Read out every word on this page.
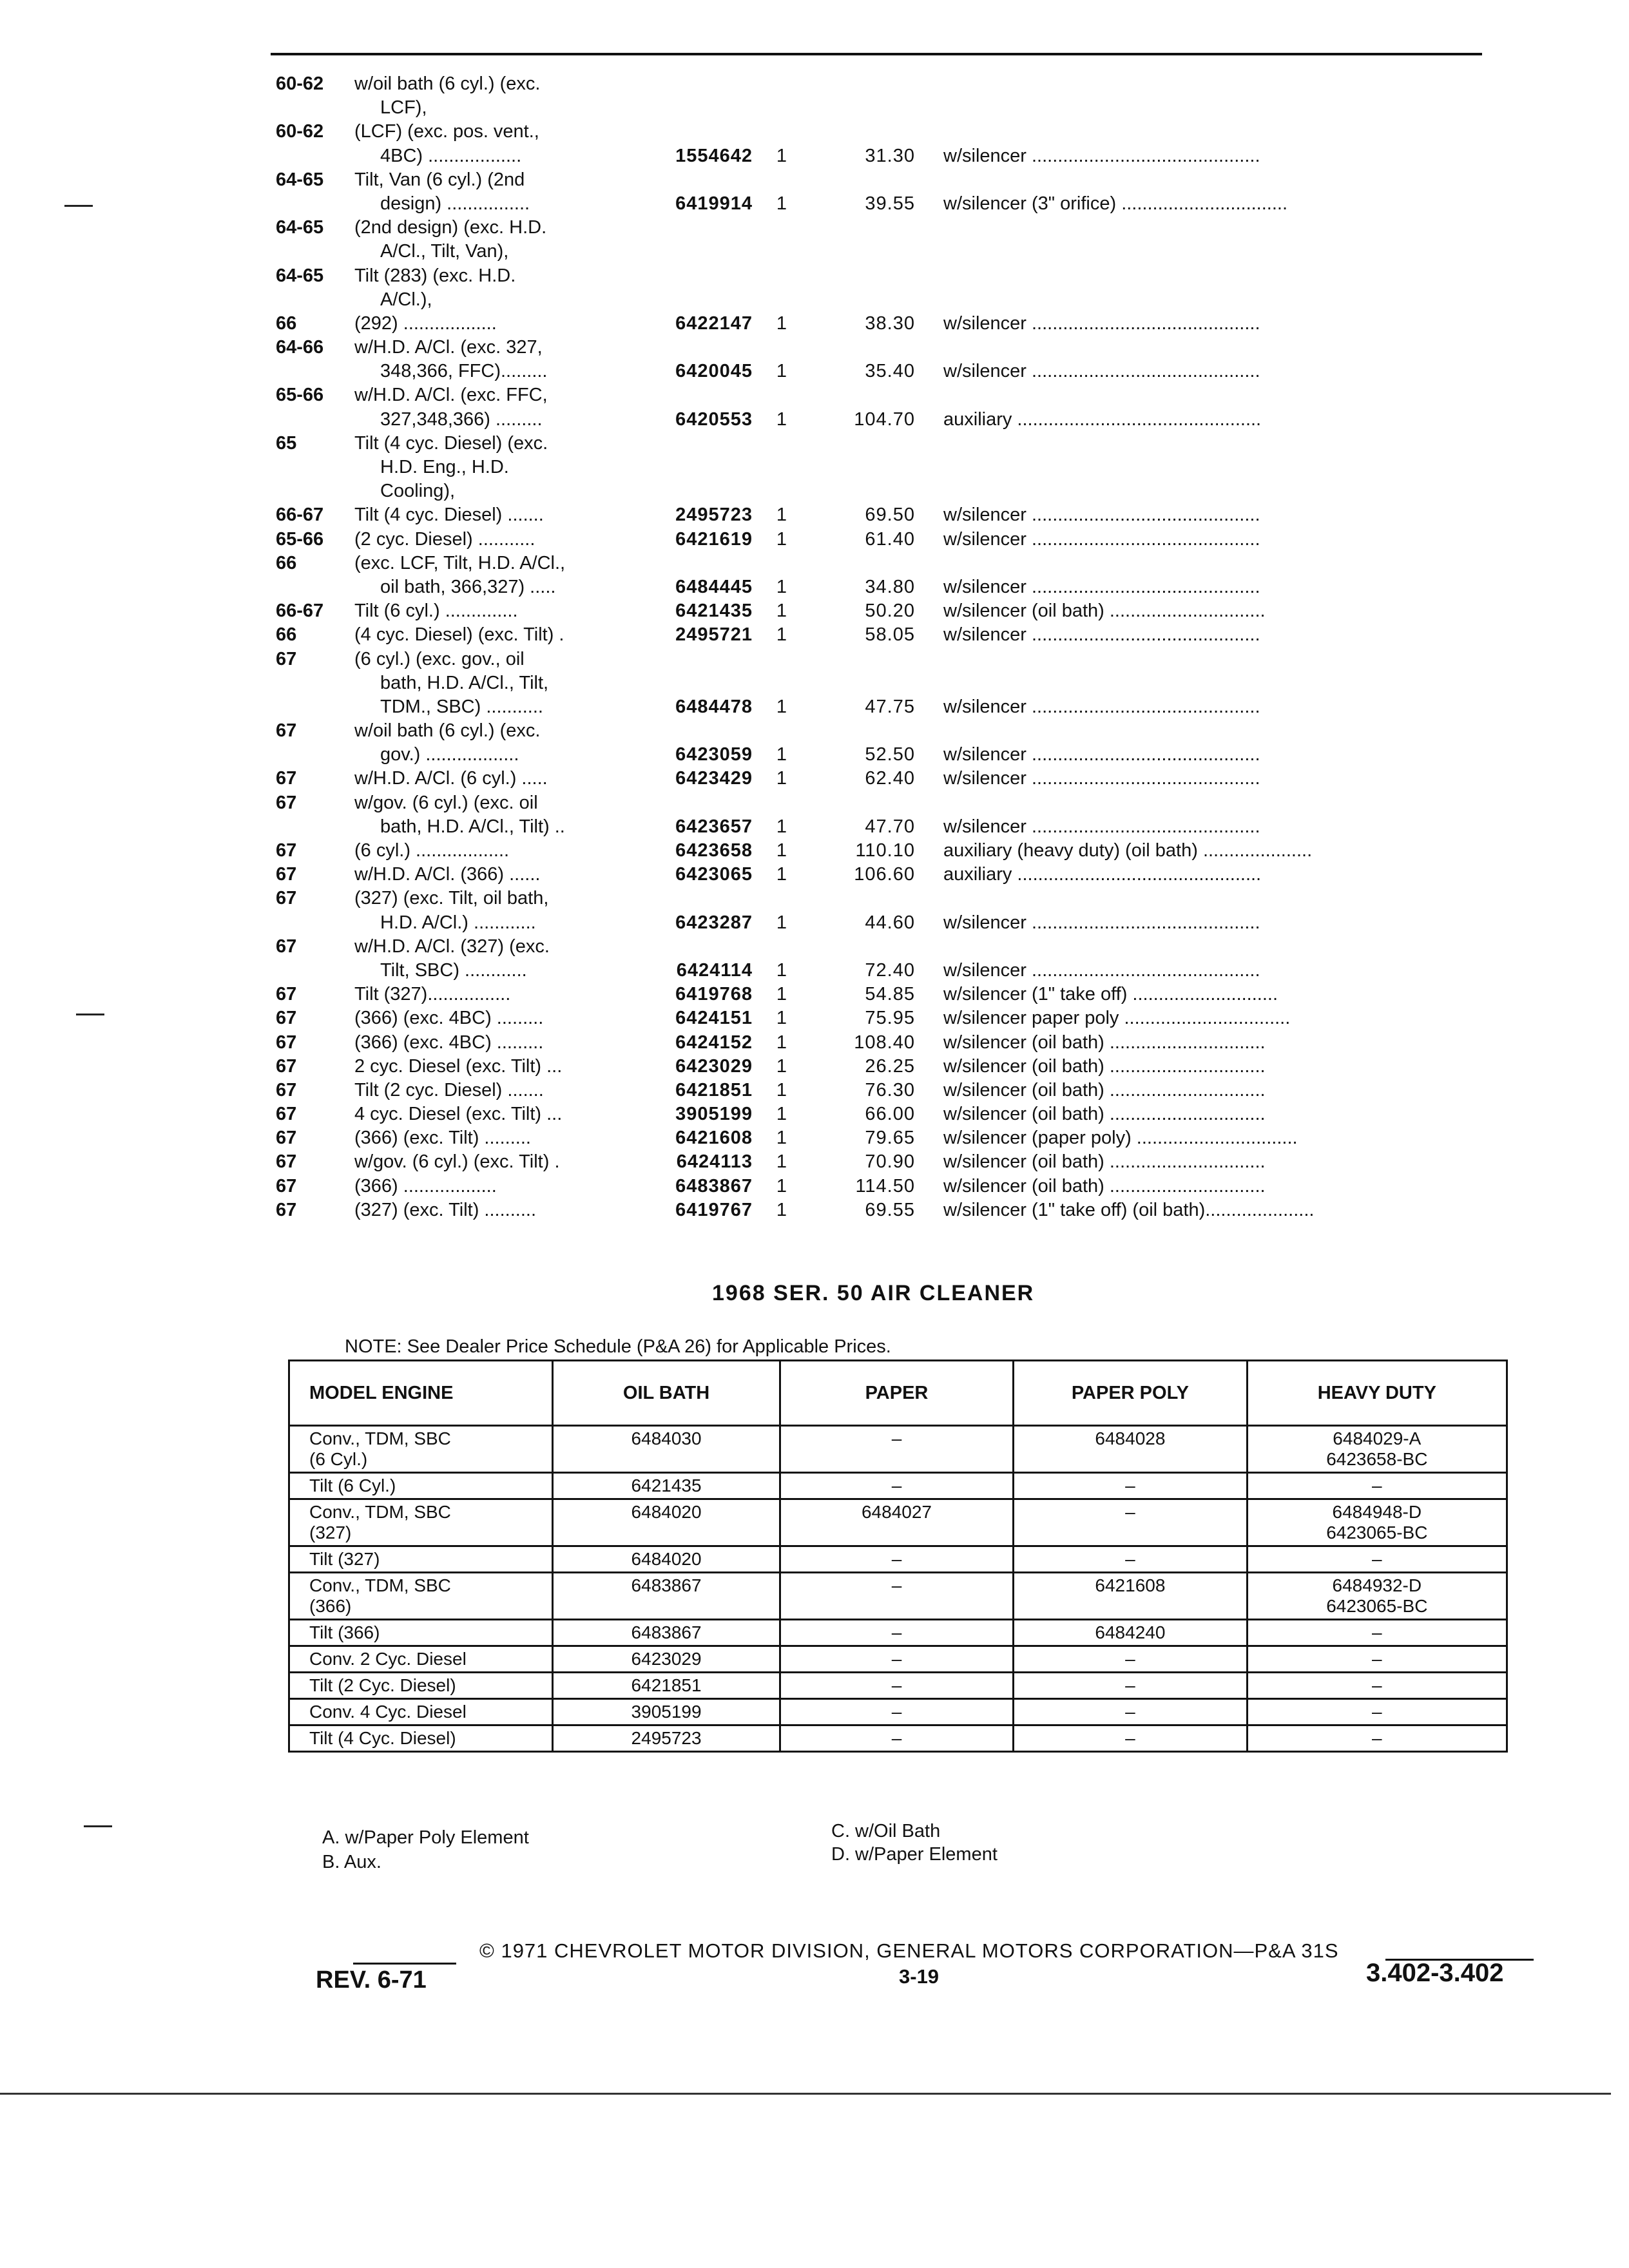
60-62	w/oil bath (6 cyl.) (exc.
LCF),
60-62	(LCF) (exc. pos. vent.,
4BC) ..................	1554642 1	31.30 w/silencer ............................................
64-65	Tilt, Van (6 cyl.) (2nd
design) ................	6419914 1	39.55 w/silencer (3" orifice) ................................
64-65	(2nd design) (exc. H.D.
A/Cl., Tilt, Van),
64-65	Tilt (283) (exc. H.D.
A/Cl.),
66	(292) ..................	6422147 1	38.30 w/silencer ............................................
64-66	w/H.D. A/Cl. (exc. 327,
348,366, FFC).........	6420045 1	35.40 w/silencer ............................................
65-66	w/H.D. A/Cl. (exc. FFC,
327,348,366) .........	6420553 1	104.70 auxiliary ...............................................
65	Tilt (4 cyc. Diesel) (exc.
H.D. Eng., H.D.
Cooling),
66-67	Tilt (4 cyc. Diesel) .......	2495723 1	69.50 w/silencer ............................................
65-66	(2 cyc. Diesel) ...........	6421619 1	61.40 w/silencer ............................................
66	(exc. LCF, Tilt, H.D. A/Cl.,
oil bath, 366,327) .....	6484445 1	34.80 w/silencer ............................................
66-67	Tilt (6 cyl.) ..............	6421435 1	50.20 w/silencer (oil bath) ..............................
66	(4 cyc. Diesel) (exc. Tilt) .	2495721 1	58.05 w/silencer ............................................
67	(6 cyl.) (exc. gov., oil
bath, H.D. A/Cl., Tilt,
TDM., SBC) ...........	6484478 1	47.75 w/silencer ............................................
67	w/oil bath (6 cyl.) (exc.
gov.) ..................	6423059 1	52.50 w/silencer ............................................
67	w/H.D. A/Cl. (6 cyl.) .....	6423429 1	62.40 w/silencer ............................................
67	w/gov. (6 cyl.) (exc. oil
bath, H.D. A/Cl., Tilt) ..	6423657 1	47.70 w/silencer ............................................
67	(6 cyl.) ..................	6423658 1	110.10 auxiliary (heavy duty) (oil bath) .....................
67	w/H.D. A/Cl. (366) ......	6423065 1	106.60 auxiliary ...............................................
67	(327) (exc. Tilt, oil bath,
H.D. A/Cl.) ............	6423287 1	44.60 w/silencer ............................................
67	w/H.D. A/Cl. (327) (exc.
Tilt, SBC) ............	6424114 1	72.40 w/silencer ............................................
67	Tilt (327)................	6419768 1	54.85 w/silencer (1" take off) ............................
67	(366) (exc. 4BC) .........	6424151 1	75.95 w/silencer paper poly ................................
67	(366) (exc. 4BC) .........	6424152 1	108.40 w/silencer (oil bath) ..............................
67	2 cyc. Diesel (exc. Tilt) ...	6423029 1	26.25 w/silencer (oil bath) ..............................
67	Tilt (2 cyc. Diesel) .......	6421851 1	76.30 w/silencer (oil bath) ..............................
67	4 cyc. Diesel (exc. Tilt) ...	3905199 1	66.00 w/silencer (oil bath) ..............................
67	(366) (exc. Tilt) .........	6421608 1	79.65 w/silencer (paper poly) ...............................
67	w/gov. (6 cyl.) (exc. Tilt) .	6424113 1	70.90 w/silencer (oil bath) ..............................
67	(366) ..................	6483867 1	114.50 w/silencer (oil bath) ..............................
67	(327) (exc. Tilt) ..........	6419767 1	69.55 w/silencer (1" take off) (oil bath).....................
1968 SER. 50 AIR CLEANER
NOTE: See Dealer Price Schedule (P&A 26) for Applicable Prices.
MODEL ENGINE	OIL BATH	PAPER	PAPER POLY	HEAVY DUTY
Conv., TDM, SBC
(6 Cyl.)	6484030	–	6484028	6484029-A
6423658-BC
Tilt (6 Cyl.)	6421435	–	–	–
Conv., TDM, SBC
(327)	6484020	6484027	–	6484948-D
6423065-BC
Tilt (327)	6484020	–	–	–
Conv., TDM, SBC
(366)	6483867	–	6421608	6484932-D
6423065-BC
Tilt (366)	6483867	–	6484240	–
Conv. 2 Cyc. Diesel	6423029	–	–	–
Tilt (2 Cyc. Diesel)	6421851	–	–	–
Conv. 4 Cyc. Diesel	3905199	–	–	–
Tilt (4 Cyc. Diesel)	2495723	–	–	–
A. w/Paper Poly Element
B. Aux.
C. w/Oil Bath
D. w/Paper Element
© 1971 CHEVROLET MOTOR DIVISION, GENERAL MOTORS CORPORATION—P&A 31S
REV. 6-71	3-19	3.402-3.402
